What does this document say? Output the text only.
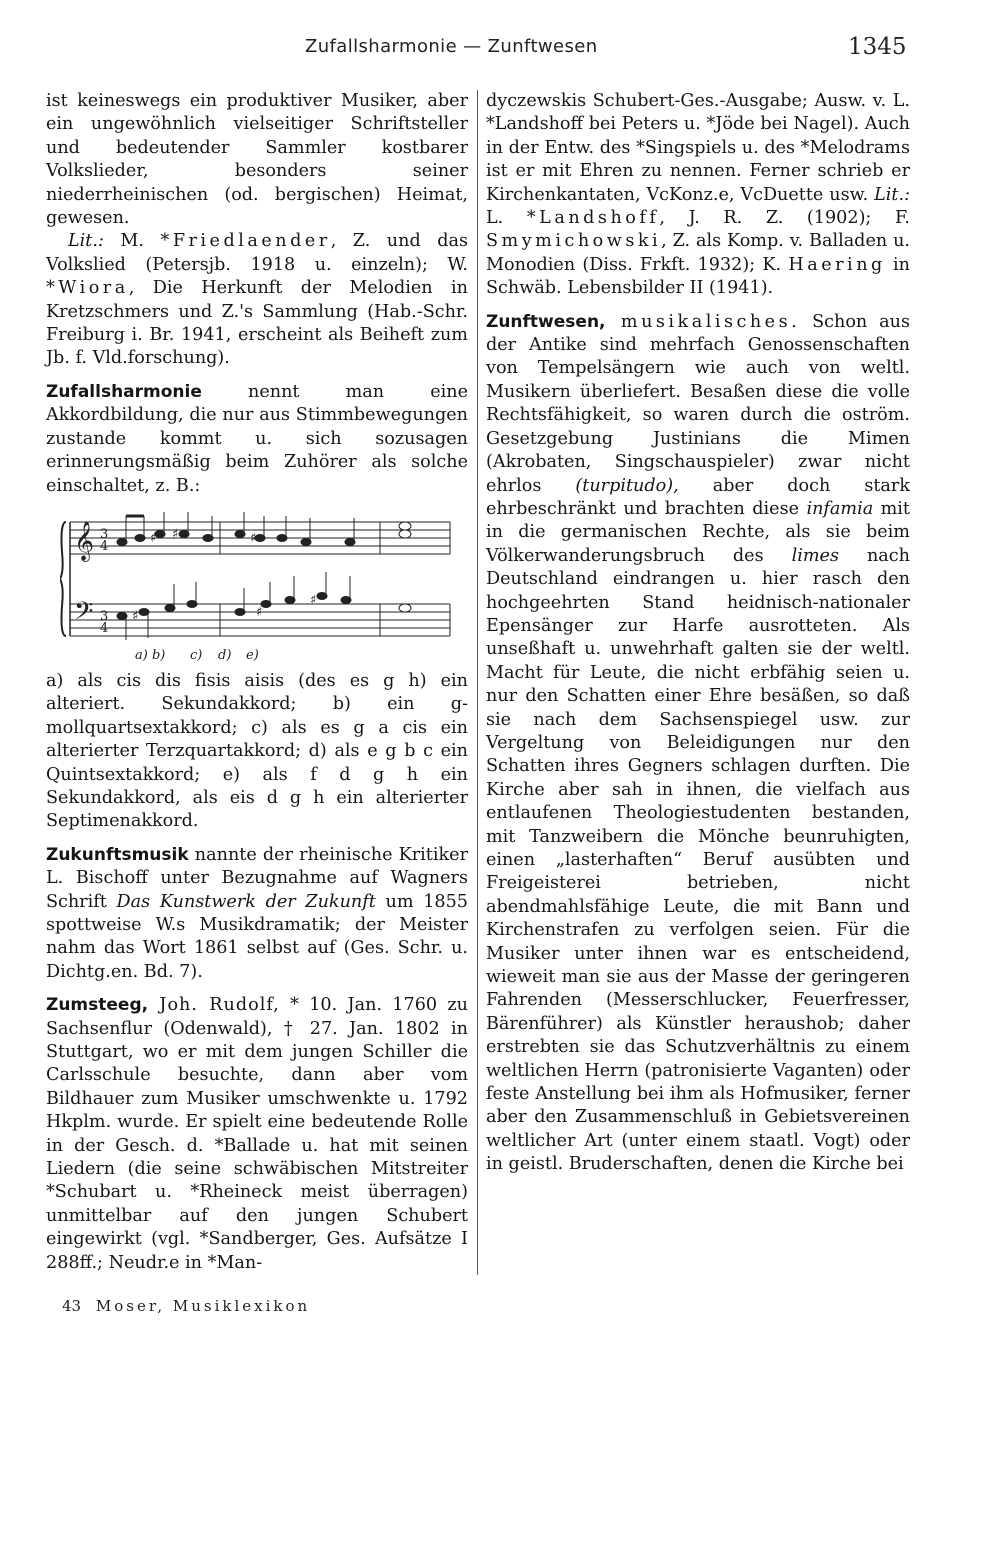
Zufallsharmonie — Zunftwesen	1345

ist keineswegs ein produktiver Musiker, aber ein ungewöhnlich vielseitiger Schriftsteller und bedeutender Sammler kostbarer Volkslieder, besonders seiner niederrheinischen (od. bergischen) Heimat, gewesen.

Lit.: M. *Friedlaender, Z. und das Volkslied (Petersjb. 1918 u. einzeln); W. *Wiora, Die Herkunft der Melodien in Kretzschmers und Z.'s Sammlung (Hab.-Schr. Freiburg i. Br. 1941, erscheint als Beiheft zum Jb. f. Vld.forschung).

Zufallsharmonie nennt man eine Akkordbildung, die nur aus Stimmbewegungen zustande kommt u. sich sozusagen erinnerungsmäßig beim Zuhörer als solche einschaltet, z. B.:

𝄞
𝄢
3
4
3
4
♯ ♯	♯
♯	♯
♯
a) b) c) d) e)

a) als cis dis fisis aisis (des es g h) ein alteriert. Sekundakkord; b) ein g-mollquartsextakkord; c) als es g a cis ein alterierter Terzquartakkord; d) als e g b c ein Quintsextakkord; e) als f d g h ein Sekundakkord, als eis d g h ein alterierter Septimenakkord.

Zukunftsmusik nannte der rheinische Kritiker L. Bischoff unter Bezugnahme auf Wagners Schrift Das Kunstwerk der Zukunft um 1855 spottweise W.s Musikdramatik; der Meister nahm das Wort 1861 selbst auf (Ges. Schr. u. Dichtg.en. Bd. 7).

Zumsteeg, Joh. Rudolf, * 10. Jan. 1760 zu Sachsenflur (Odenwald), † 27. Jan. 1802 in Stuttgart, wo er mit dem jungen Schiller die Carlsschule besuchte, dann aber vom Bildhauer zum Musiker umschwenkte u. 1792 Hkplm. wurde. Er spielt eine bedeutende Rolle in der Gesch. d. *Ballade u. hat mit seinen Liedern (die seine schwäbischen Mitstreiter *Schubart u. *Rheineck meist überragen) unmittelbar auf den jungen Schubert eingewirkt (vgl. *Sandberger, Ges. Aufsätze I 288ff.; Neudr.e in *Man-

dyczewskis Schubert-Ges.-Ausgabe; Ausw. v. L. *Landshoff bei Peters u. *Jöde bei Nagel). Auch in der Entw. des *Singspiels u. des *Melodrams ist er mit Ehren zu nennen. Ferner schrieb er Kirchenkantaten, VcKonz.e, VcDuette usw. Lit.: L. *Landshoff, J. R. Z. (1902); F. Smymichowski, Z. als Komp. v. Balladen u. Monodien (Diss. Frkft. 1932); K. Haering in Schwäb. Lebensbilder II (1941).

Zunftwesen, musikalisches. Schon aus der Antike sind mehrfach Genossenschaften von Tempelsängern wie auch von weltl. Musikern überliefert. Besaßen diese die volle Rechtsfähigkeit, so waren durch die oström. Gesetzgebung Justinians die Mimen (Akrobaten, Singschauspieler) zwar nicht ehrlos (turpitudo), aber doch stark ehrbeschränkt und brachten diese infamia mit in die germanischen Rechte, als sie beim Völkerwanderungsbruch des limes nach Deutschland eindrangen u. hier rasch den hochgeehrten Stand heidnisch-nationaler Epensänger zur Harfe ausrotteten. Als unseßhaft u. unwehrhaft galten sie der weltl. Macht für Leute, die nicht erbfähig seien u. nur den Schatten einer Ehre besäßen, so daß sie nach dem Sachsenspiegel usw. zur Vergeltung von Beleidigungen nur den Schatten ihres Gegners schlagen durften. Die Kirche aber sah in ihnen, die vielfach aus entlaufenen Theologiestudenten bestanden, mit Tanzweibern die Mönche beunruhigten, einen „lasterhaften“ Beruf ausübten und Freigeisterei betrieben, nicht abendmahlsfähige Leute, die mit Bann und Kirchenstrafen zu verfolgen seien. Für die Musiker unter ihnen war es entscheidend, wieweit man sie aus der Masse der geringeren Fahrenden (Messerschlucker, Feuerfresser, Bärenführer) als Künstler heraushob; daher erstrebten sie das Schutzverhältnis zu einem weltlichen Herrn (patronisierte Vaganten) oder feste Anstellung bei ihm als Hofmusiker, ferner aber den Zusammenschluß in Gebietsvereinen weltlicher Art (unter einem staatl. Vogt) oder in geistl. Bruderschaften, denen die Kirche bei

43 Moser, Musiklexikon
